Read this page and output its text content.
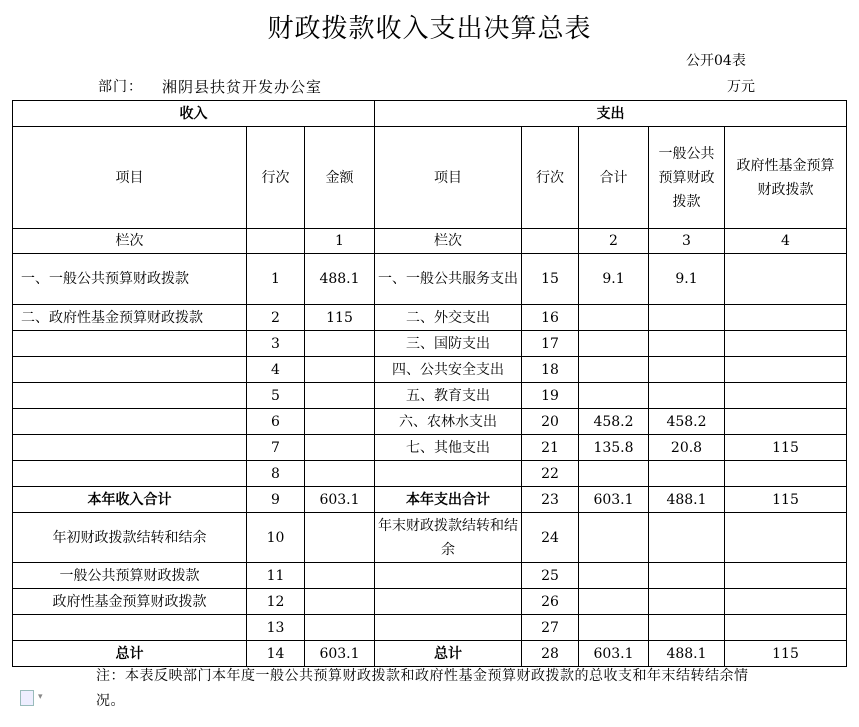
财政拨款收入支出决算总表
公开04表
部门： 湘阴县扶贫开发办公室	万元
收入			支出				
项目	行次	金额	项目	行次	合计	一般公共预算财政拨款	政府性基金预算财政拨款
栏次		1	栏次		2	3	4
一、一般公共预算财政拨款	1	488.1	一、一般公共服务支出	15	9.1	9.1	
二、政府性基金预算财政拨款	2	115	二、外交支出	16			
	3		三、国防支出	17			
	4		四、公共安全支出	18			
	5		五、教育支出	19			
	6		六、农林水支出	20	458.2	458.2	
	7		七、其他支出	21	135.8	20.8	115
	8			22			
本年收入合计	9	603.1	本年支出合计	23	603.1	488.1	115
年初财政拨款结转和结余	10		年末财政拨款结转和结余	24			
一般公共预算财政拨款	11			25			
政府性基金预算财政拨款	12			26			
	13			27			
总计	14	603.1	总计	28	603.1	488.1	115
注：本表反映部门本年度一般公共预算财政拨款和政府性基金预算财政拨款的总收支和年末结转结余情况。
▾
